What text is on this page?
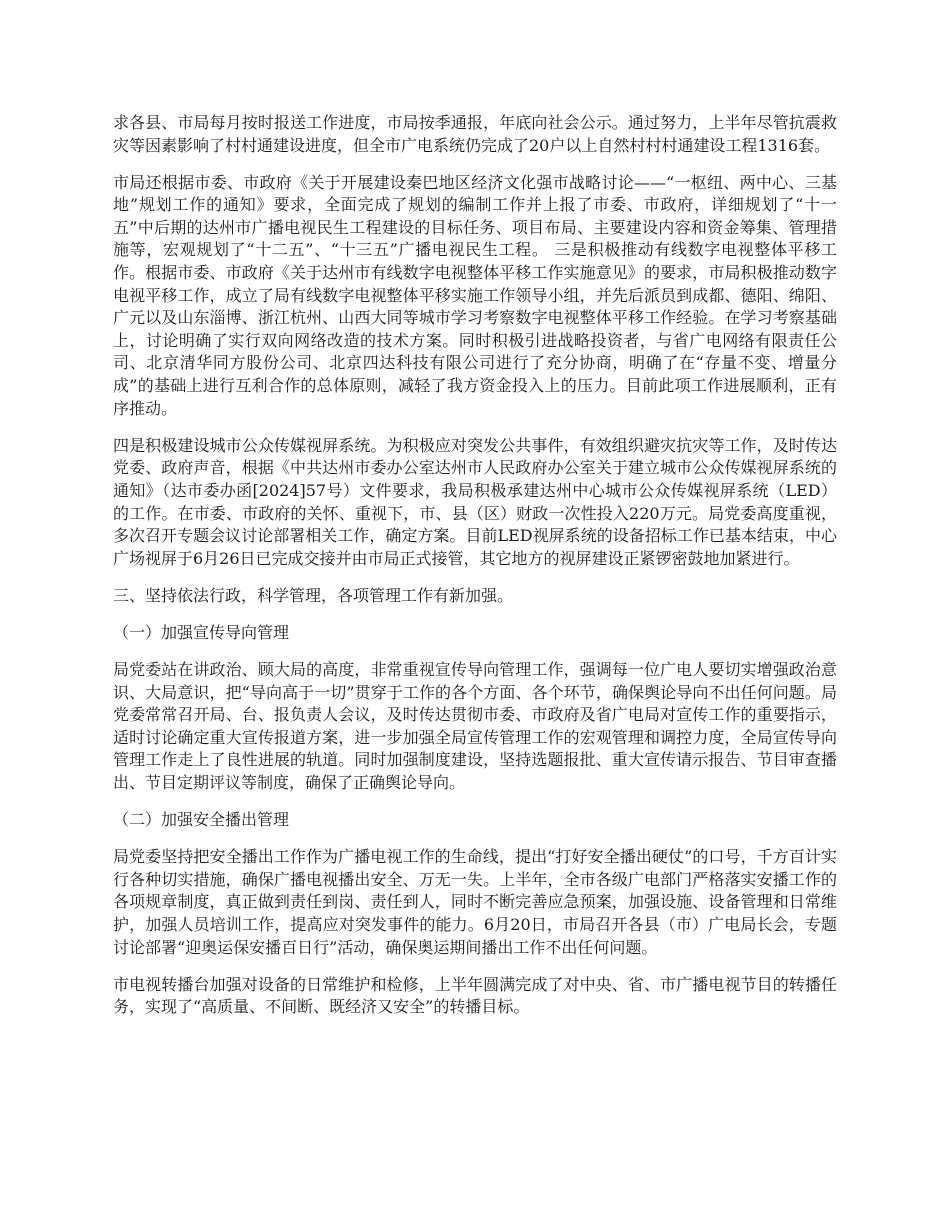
求各县、市局每月按时报送工作进度，市局按季通报，年底向社会公示。通过努力，上半年尽管抗震救灾等因素影响了村村通建设进度，但全市广电系统仍完成了20户以上自然村村村通建设工程1316套。

市局还根据市委、市政府《关于开展建设秦巴地区经济文化强市战略讨论——“一枢纽、两中心、三基地”规划工作的通知》要求，全面完成了规划的编制工作并上报了市委、市政府，详细规划了“十一五”中后期的达州市广播电视民生工程建设的目标任务、项目布局、主要建设内容和资金筹集、管理措施等，宏观规划了“十二五”、“十三五”广播电视民生工程。 三是积极推动有线数字电视整体平移工作。根据市委、市政府《关于达州市有线数字电视整体平移工作实施意见》的要求，市局积极推动数字电视平移工作，成立了局有线数字电视整体平移实施工作领导小组，并先后派员到成都、德阳、绵阳、广元以及山东淄博、浙江杭州、山西大同等城市学习考察数字电视整体平移工作经验。在学习考察基础上，讨论明确了实行双向网络改造的技术方案。同时积极引进战略投资者，与省广电网络有限责任公司、北京清华同方股份公司、北京四达科技有限公司进行了充分协商，明确了在“存量不变、增量分成”的基础上进行互利合作的总体原则，减轻了我方资金投入上的压力。目前此项工作进展顺利，正有序推动。

四是积极建设城市公众传媒视屏系统。为积极应对突发公共事件，有效组织避灾抗灾等工作，及时传达党委、政府声音，根据《中共达州市委办公室达州市人民政府办公室关于建立城市公众传媒视屏系统的通知》（达市委办函[2024]57号）文件要求，我局积极承建达州中心城市公众传媒视屏系统（LED）的工作。在市委、市政府的关怀、重视下，市、县（区）财政一次性投入220万元。局党委高度重视，多次召开专题会议讨论部署相关工作，确定方案。目前LED视屏系统的设备招标工作已基本结束，中心广场视屏于6月26日已完成交接并由市局正式接管，其它地方的视屏建设正紧锣密鼓地加紧进行。

三、坚持依法行政，科学管理，各项管理工作有新加强。

（一）加强宣传导向管理

局党委站在讲政治、顾大局的高度，非常重视宣传导向管理工作，强调每一位广电人要切实增强政治意识、大局意识，把“导向高于一切”贯穿于工作的各个方面、各个环节，确保舆论导向不出任何问题。局党委常常召开局、台、报负责人会议，及时传达贯彻市委、市政府及省广电局对宣传工作的重要指示，适时讨论确定重大宣传报道方案，进一步加强全局宣传管理工作的宏观管理和调控力度，全局宣传导向管理工作走上了良性进展的轨道。同时加强制度建设，坚持选题报批、重大宣传请示报告、节目审查播出、节目定期评议等制度，确保了正确舆论导向。

（二）加强安全播出管理

局党委坚持把安全播出工作作为广播电视工作的生命线，提出“打好安全播出硬仗”的口号，千方百计实行各种切实措施，确保广播电视播出安全、万无一失。上半年，全市各级广电部门严格落实安播工作的各项规章制度，真正做到责任到岗、责任到人，同时不断完善应急预案，加强设施、设备管理和日常维护，加强人员培训工作，提高应对突发事件的能力。6月20日，市局召开各县（市）广电局长会，专题讨论部署“迎奥运保安播百日行”活动，确保奥运期间播出工作不出任何问题。

市电视转播台加强对设备的日常维护和检修，上半年圆满完成了对中央、省、市广播电视节目的转播任务，实现了“高质量、不间断、既经济又安全”的转播目标。
